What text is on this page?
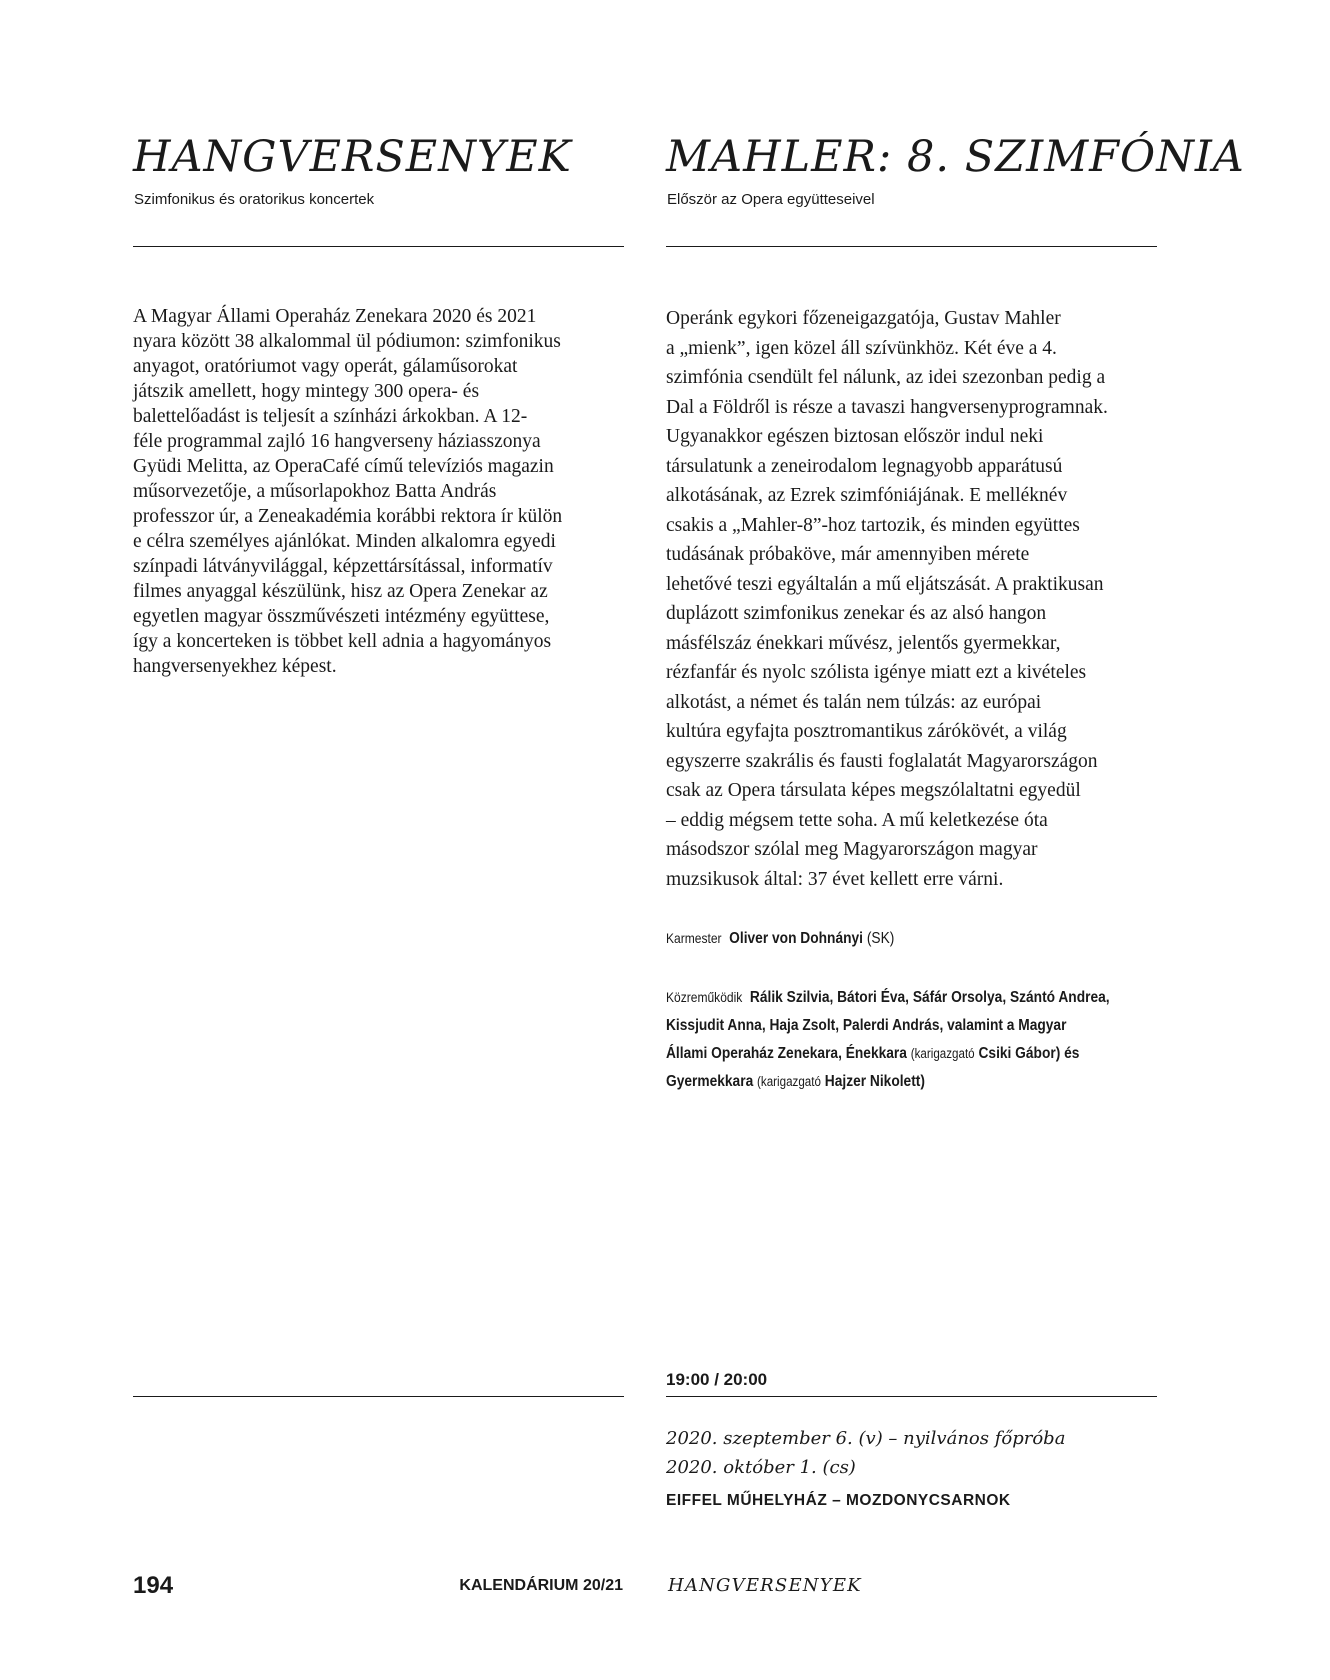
HANGVERSENYEK

Szimfonikus és oratorikus koncertek

A Magyar Állami Operaház Zenekara 2020 és 2021
nyara között 38 alkalommal ül pódiumon: szimfonikus
anyagot, oratóriumot vagy operát, gálaműsorokat
játszik amellett, hogy mintegy 300 opera- és
balettelőadást is teljesít a színházi árkokban. A 12-
féle programmal zajló 16 hangverseny háziasszonya
Gyüdi Melitta, az OperaCafé című televíziós magazin
műsorvezetője, a műsorlapokhoz Batta András
professzor úr, a Zeneakadémia korábbi rektora ír külön
e célra személyes ajánlókat. Minden alkalomra egyedi
színpadi látványvilággal, képzettársítással, informatív
filmes anyaggal készülünk, hisz az Opera Zenekar az
egyetlen magyar összművészeti intézmény együttese,
így a koncerteken is többet kell adnia a hagyományos
hangversenyekhez képest.
MAHLER: 8. SZIMFÓNIA

Először az Opera együtteseivel

Operánk egykori főzeneigazgatója, Gustav Mahler
a „mienk”, igen közel áll szívünkhöz. Két éve a 4.
szimfónia csendült fel nálunk, az idei szezonban pedig a
Dal a Földről is része a tavaszi hangversenyprogramnak.
Ugyanakkor egészen biztosan először indul neki
társulatunk a zeneirodalom legnagyobb apparátusú
alkotásának, az Ezrek szimfóniájának. E melléknév
csakis a „Mahler-8”-hoz tartozik, és minden együttes
tudásának próbaköve, már amennyiben mérete
lehetővé teszi egyáltalán a mű eljátszását. A praktikusan
duplázott szimfonikus zenekar és az alsó hangon
másfélszáz énekkari művész, jelentős gyermekkar,
rézfanfár és nyolc szólista igénye miatt ezt a kivételes
alkotást, a német és talán nem túlzás: az európai
kultúra egyfajta posztromantikus zárókövét, a világ
egyszerre szakrális és fausti foglalatát Magyarországon
csak az Opera társulata képes megszólaltatni egyedül
– eddig mégsem tette soha. A mű keletkezése óta
másodszor szólal meg Magyarországon magyar
muzsikusok által: 37 évet kellett erre várni.
Karmester Oliver von Dohnányi (SK)
Közreműködik Rálik Szilvia, Bátori Éva, Sáfár Orsolya, Szántó Andrea,
Kissjudit Anna, Haja Zsolt, Palerdi András, valamint a Magyar
Állami Operaház Zenekara, Énekkara (karigazgató Csiki Gábor) és
Gyermekkara (karigazgató Hajzer Nikolett)

19:00 / 20:00

2020. szeptember 6. (v) – nyilvános főpróba

2020. október 1. (cs)

EIFFEL MŰHELYHÁZ – MOZDONYCSARNOK

194	KALENDÁRIUM 20/21	HANGVERSENYEK
